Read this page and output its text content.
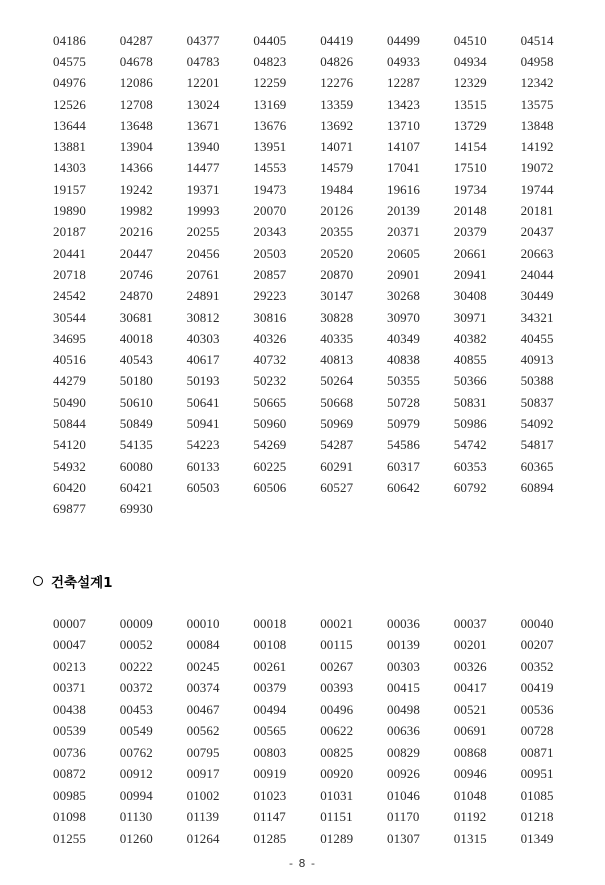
04186	04287	04377	04405	04419	04499	04510	04514
04575	04678	04783	04823	04826	04933	04934	04958
04976	12086	12201	12259	12276	12287	12329	12342
12526	12708	13024	13169	13359	13423	13515	13575
13644	13648	13671	13676	13692	13710	13729	13848
13881	13904	13940	13951	14071	14107	14154	14192
14303	14366	14477	14553	14579	17041	17510	19072
19157	19242	19371	19473	19484	19616	19734	19744
19890	19982	19993	20070	20126	20139	20148	20181
20187	20216	20255	20343	20355	20371	20379	20437
20441	20447	20456	20503	20520	20605	20661	20663
20718	20746	20761	20857	20870	20901	20941	24044
24542	24870	24891	29223	30147	30268	30408	30449
30544	30681	30812	30816	30828	30970	30971	34321
34695	40018	40303	40326	40335	40349	40382	40455
40516	40543	40617	40732	40813	40838	40855	40913
44279	50180	50193	50232	50264	50355	50366	50388
50490	50610	50641	50665	50668	50728	50831	50837
50844	50849	50941	50960	50969	50979	50986	54092
54120	54135	54223	54269	54287	54586	54742	54817
54932	60080	60133	60225	60291	60317	60353	60365
60420	60421	60503	60506	60527	60642	60792	60894
69877	69930
건축설계1
00007	00009	00010	00018	00021	00036	00037	00040
00047	00052	00084	00108	00115	00139	00201	00207
00213	00222	00245	00261	00267	00303	00326	00352
00371	00372	00374	00379	00393	00415	00417	00419
00438	00453	00467	00494	00496	00498	00521	00536
00539	00549	00562	00565	00622	00636	00691	00728
00736	00762	00795	00803	00825	00829	00868	00871
00872	00912	00917	00919	00920	00926	00946	00951
00985	00994	01002	01023	01031	01046	01048	01085
01098	01130	01139	01147	01151	01170	01192	01218
01255	01260	01264	01285	01289	01307	01315	01349
- 8 -
